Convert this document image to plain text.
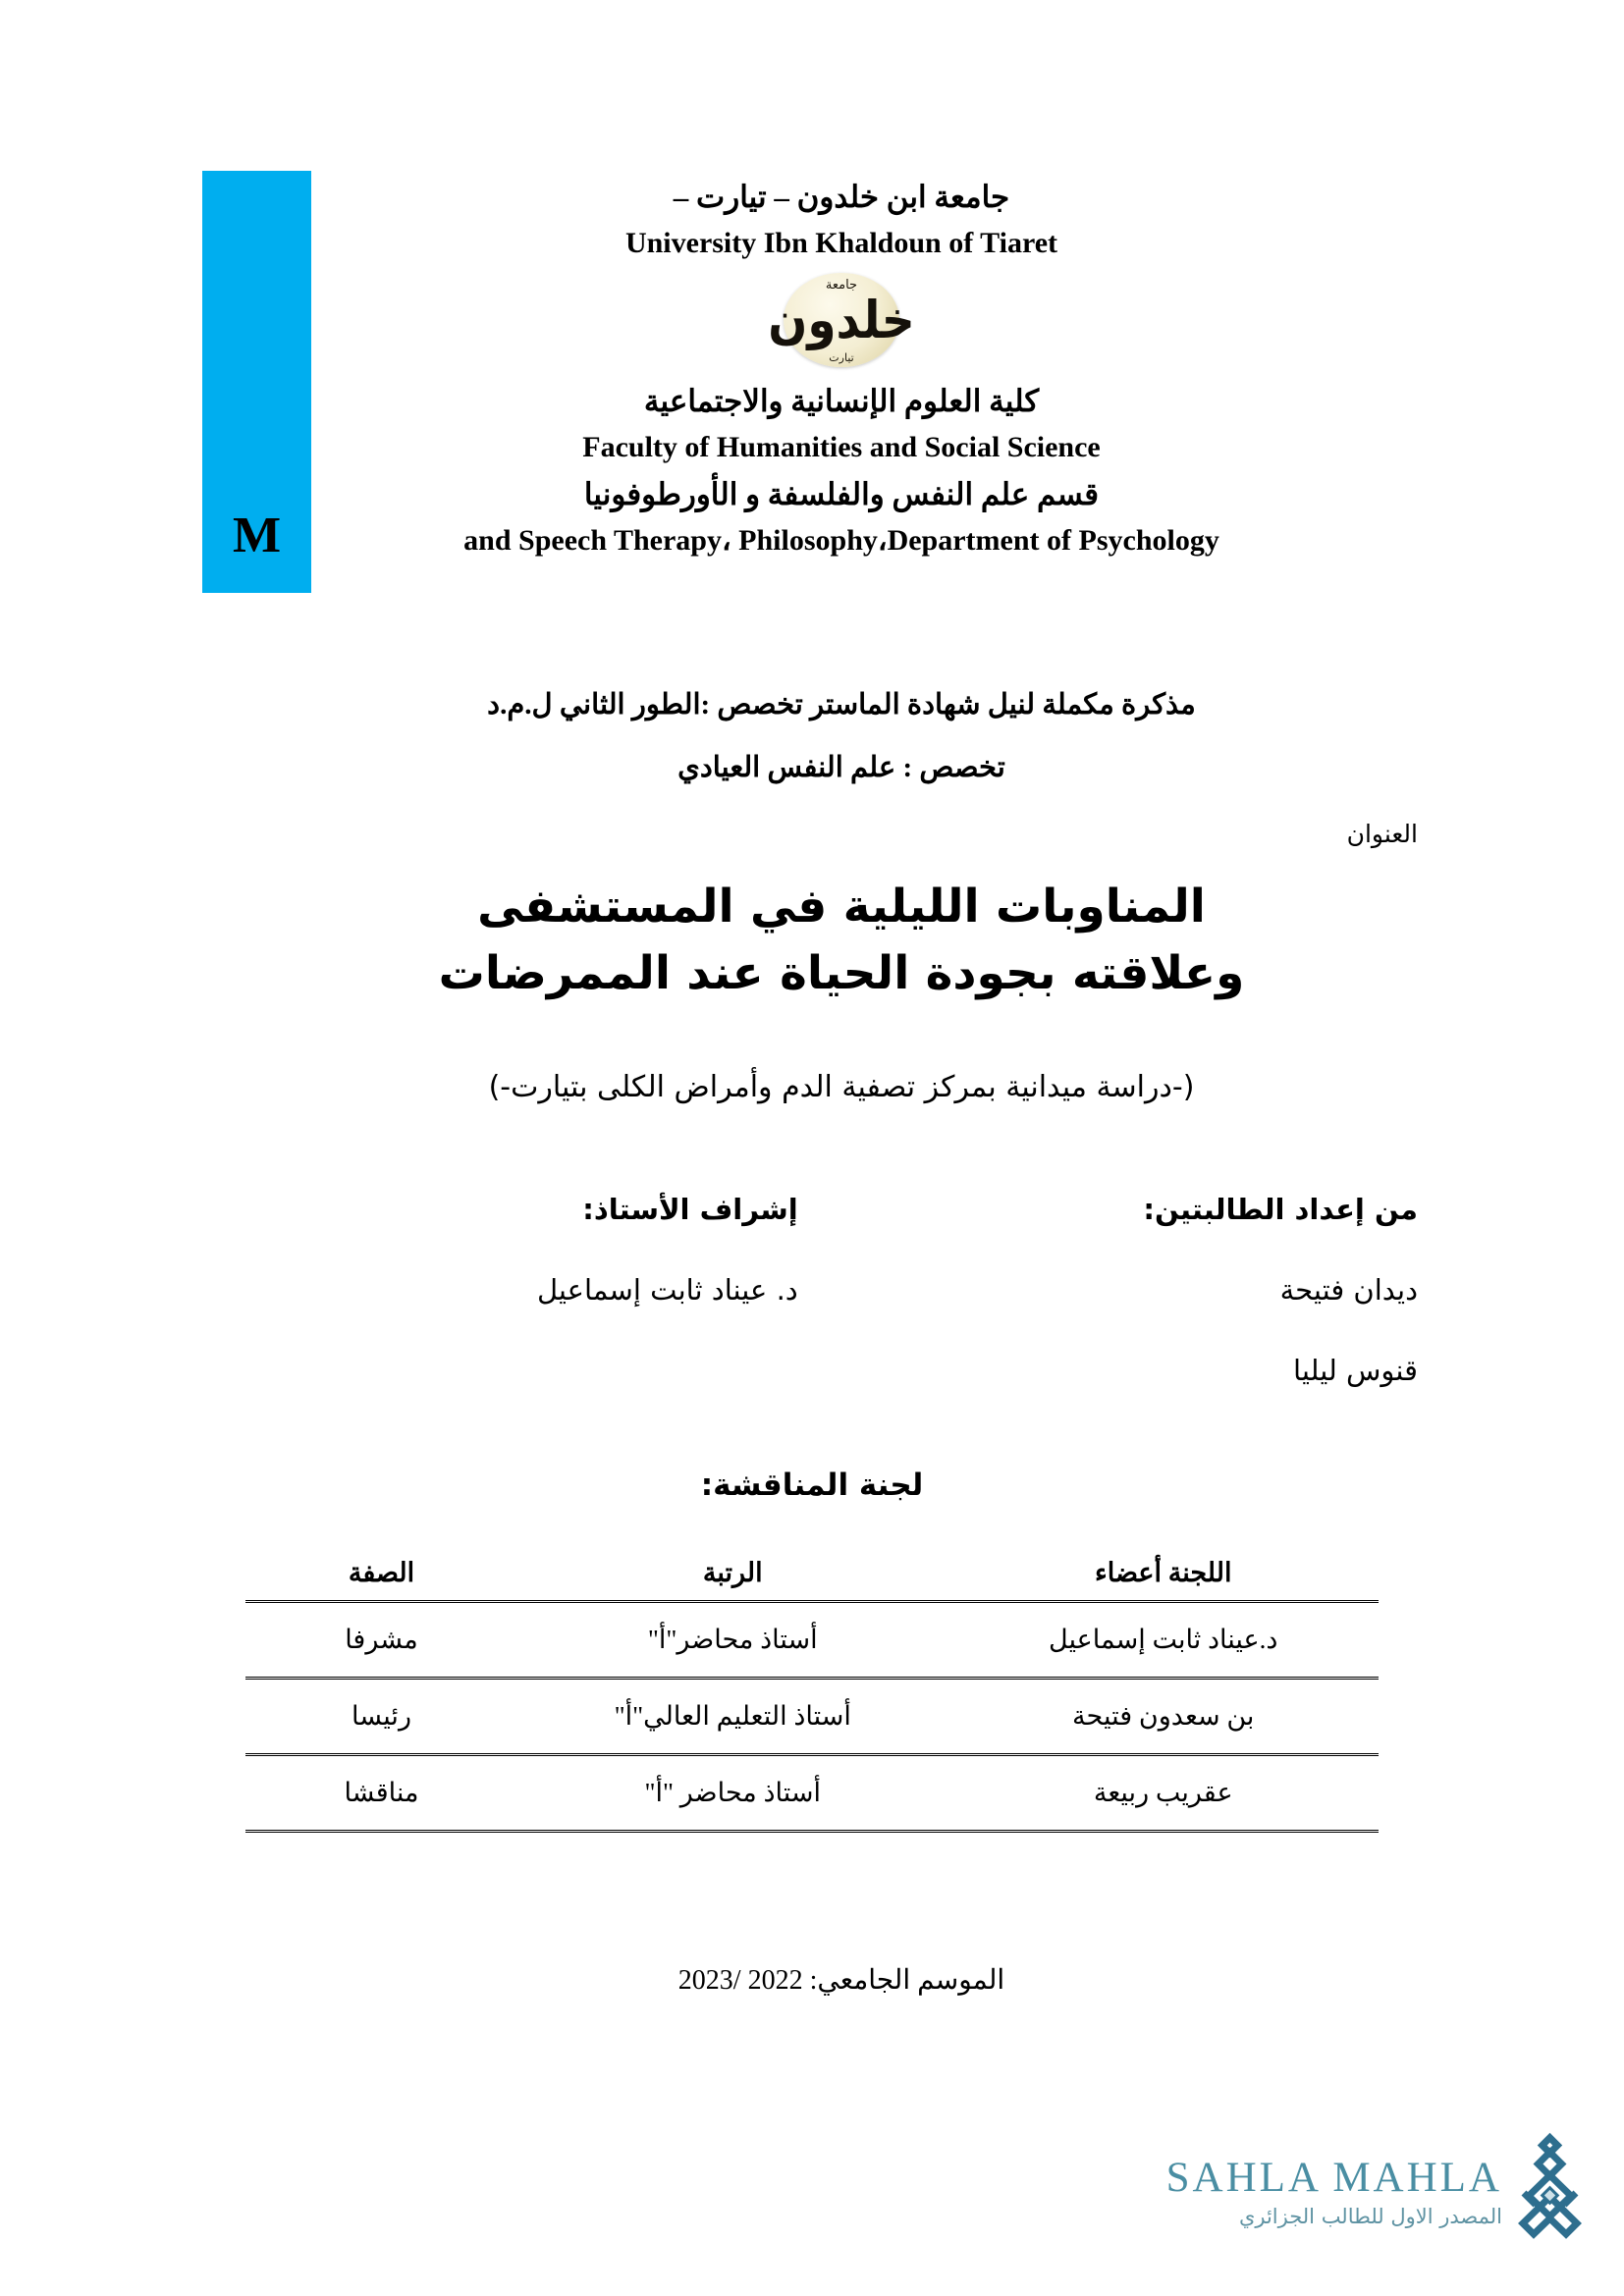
M

جامعة ابن خلدون – تيارت –

University Ibn Khaldoun of Tiaret

جامعة
خلدون
تيارت

كلية العلوم الإنسانية والاجتماعية

Faculty of Humanities and Social Science

قسم علم النفس والفلسفة و الأورطوفونيا

and Speech Therapy، Philosophy،Department of Psychology

مذكرة مكملة لنيل شهادة الماستر تخصص :الطور الثاني ل.م.د

تخصص : علم النفس العيادي

العنوان

المناوبات الليلية في المستشفى

وعلاقته بجودة الحياة عند الممرضات

(-دراسة ميدانية بمركز تصفية الدم وأمراض الكلى بتيارت-)

من إعداد الطالبتين:

ديدان فتيحة

قنوس ليليا

إشراف الأستاذ:

د. عيناد ثابت إسماعيل

لجنة المناقشة:

اللجنة أعضاء	الرتبة	الصفة
د.عيناد ثابت إسماعيل	أستاذ محاضر"أ"	مشرفا
بن سعدون فتيحة	أستاذ التعليم العالي"أ"	رئيسا
عقريب ربيعة	أستاذ محاضر "أ"	مناقشا
الموسم الجامعي: 2022 /2023
SAHLA MAHLA
المصدر الاول للطالب الجزائري
